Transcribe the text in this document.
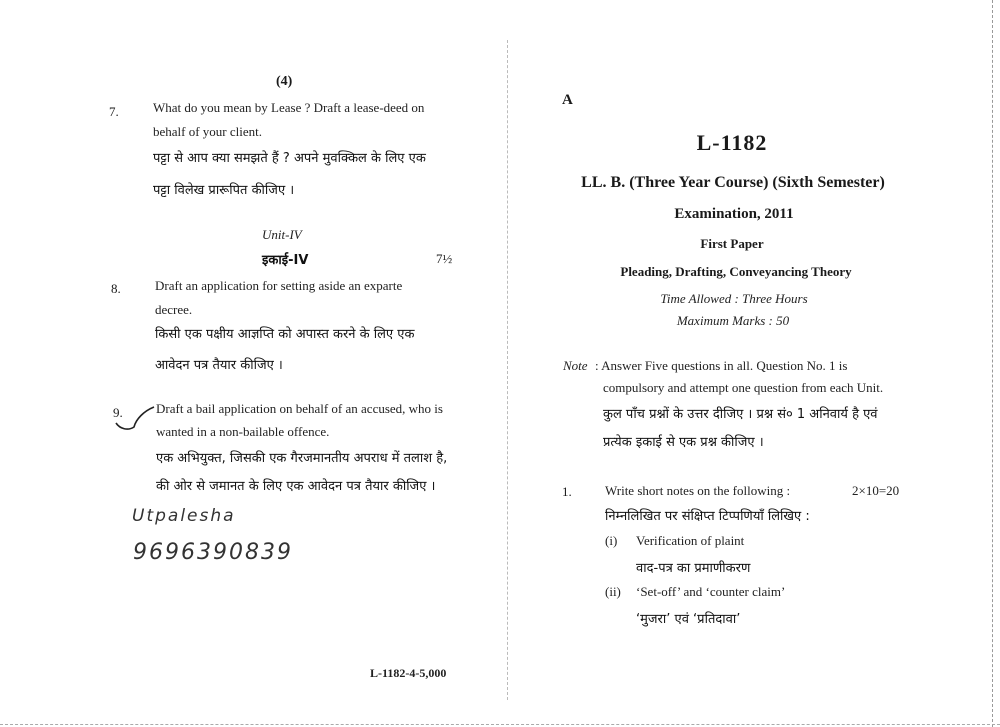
(4)
7.	What do you mean by Lease ? Draft a lease-deed on
behalf of your client.
पट्टा से आप क्या समझते हैं ? अपने मुवक्किल के लिए एक
पट्टा विलेख प्रारूपित कीजिए ।
Unit-IV
इकाई-IV	7½
8.	Draft an application for setting aside an exparte
decree.
किसी एक पक्षीय आज्ञप्ति को अपास्त करने के लिए एक
आवेदन पत्र तैयार कीजिए ।
9.	Draft a bail application on behalf of an accused, who is
wanted in a non-bailable offence.
एक अभियुक्त, जिसकी एक गैरजमानतीय अपराध में तलाश है,
की ओर से जमानत के लिए एक आवेदन पत्र तैयार कीजिए ।
Utpalesha
9696390839
L-1182-4-5,000
A
L-1182
LL. B. (Three Year Course) (Sixth Semester)
Examination, 2011
First Paper
Pleading, Drafting, Conveyancing Theory
Time Allowed : Three Hours
Maximum Marks : 50
Note : Answer Five questions in all. Question No. 1 is
compulsory and attempt one question from each Unit.
कुल पाँच प्रश्नों के उत्तर दीजिए । प्रश्न सं० 1 अनिवार्य है एवं
प्रत्येक इकाई से एक प्रश्न कीजिए ।
1.	Write short notes on the following :	2×10=20
निम्नलिखित पर संक्षिप्त टिप्पणियाँ लिखिए :
(i) Verification of plaint
वाद-पत्र का प्रमाणीकरण
(ii) ‘Set-off’ and ‘counter claim’
‘मुजरा’ एवं ‘प्रतिदावा’
